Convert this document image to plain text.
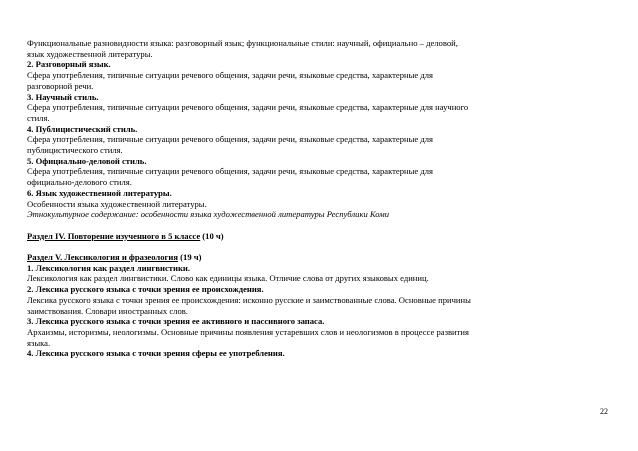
Функциональные разновидности языка: разговорный язык; функциональные стили: научный, официально – деловой,
язык художественной литературы.
2. Разговорный язык.
Сфера употребления, типичные ситуации речевого общения, задачи речи, языковые средства, характерные для
разговорной речи.
3. Научный стиль.
Сфера употребления, типичные ситуации речевого общения, задачи речи, языковые средства, характерные для научного
стиля.
4. Публицистический стиль.
Сфера употребления, типичные ситуации речевого общения, задачи речи, языковые средства, характерные для
публицистического стиля.
5. Официально-деловой стиль.
Сфера употребления, типичные ситуации речевого общения, задачи речи, языковые средства, характерные для
официально-делового стиля.
6. Язык художественной литературы.
Особенности языка художественной литературы.
Этнокультурное содержание: особенности языка художественной литературы Республики Коми
Раздел IV. Повторение изученного в 5 классе (10 ч)
Раздел V. Лексикология и фразеология (19 ч)
1. Лексикология как раздел лингвистики.
Лексикология как раздел лингвистики. Слово как единицы языка. Отличие слова от других языковых единиц.
2. Лексика русского языка с точки зрения ее происхождения.
Лексика русского языка с точки зрения ее происхождения: исконно русские и заимствованные слова. Основные причины
заимствования. Словари иностранных слов.
3. Лексика русского языка с точки зрения ее активного и пассивного запаса.
Архаизмы, историзмы, неологизмы. Основные причины появления устаревших слов и неологизмов в процессе развития
языка.
4. Лексика русского языка с точки зрения сферы ее употребления.
22
